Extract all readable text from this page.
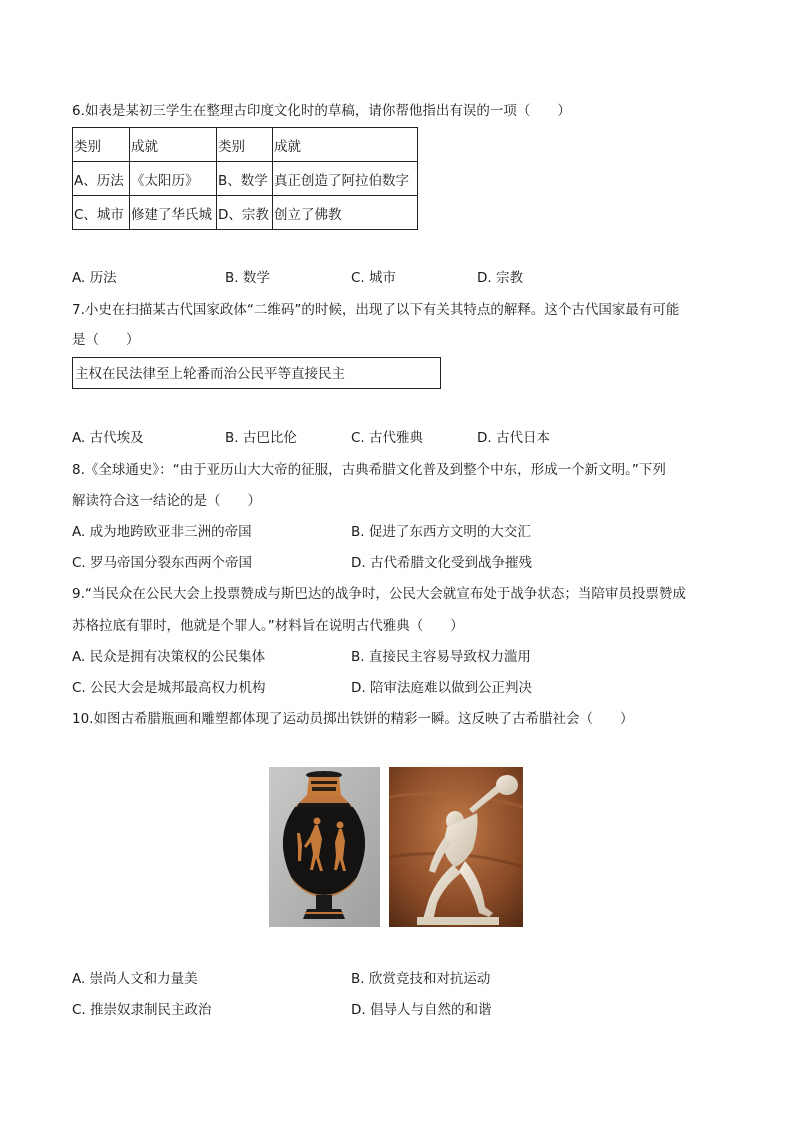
6.如表是某初三学生在整理古印度文化时的草稿，请你帮他指出有误的一项（　　）
类别	成就	类别	成就
A、历法	《太阳历》	B、数学	真正创造了阿拉伯数字
C、城市	修建了华氏城	D、宗教	创立了佛教
A. 历法	B. 数学	C. 城市	D. 宗教
7.小史在扫描某古代国家政体“二维码”的时候，出现了以下有关其特点的解释。这个古代国家最有可能
是（　　）
主权在民法律至上轮番而治公民平等直接民主
A. 古代埃及	B. 古巴比伦	C. 古代雅典	D. 古代日本
8.《全球通史》：“由于亚历山大大帝的征服，古典希腊文化普及到整个中东，形成一个新文明。”下列
解读符合这一结论的是（　　）
A. 成为地跨欧亚非三洲的帝国	B. 促进了东西方文明的大交汇
C. 罗马帝国分裂东西两个帝国	D. 古代希腊文化受到战争摧残
9.“当民众在公民大会上投票赞成与斯巴达的战争时，公民大会就宣布处于战争状态；当陪审员投票赞成
苏格拉底有罪时，他就是个罪人。”材料旨在说明古代雅典（　　）
A. 民众是拥有决策权的公民集体	B. 直接民主容易导致权力滥用
C. 公民大会是城邦最高权力机构	D. 陪审法庭难以做到公正判决
10.如图古希腊瓶画和雕塑都体现了运动员掷出铁饼的精彩一瞬。这反映了古希腊社会（　　）
A. 崇尚人文和力量美	B. 欣赏竞技和对抗运动
C. 推崇奴隶制民主政治	D. 倡导人与自然的和谐
